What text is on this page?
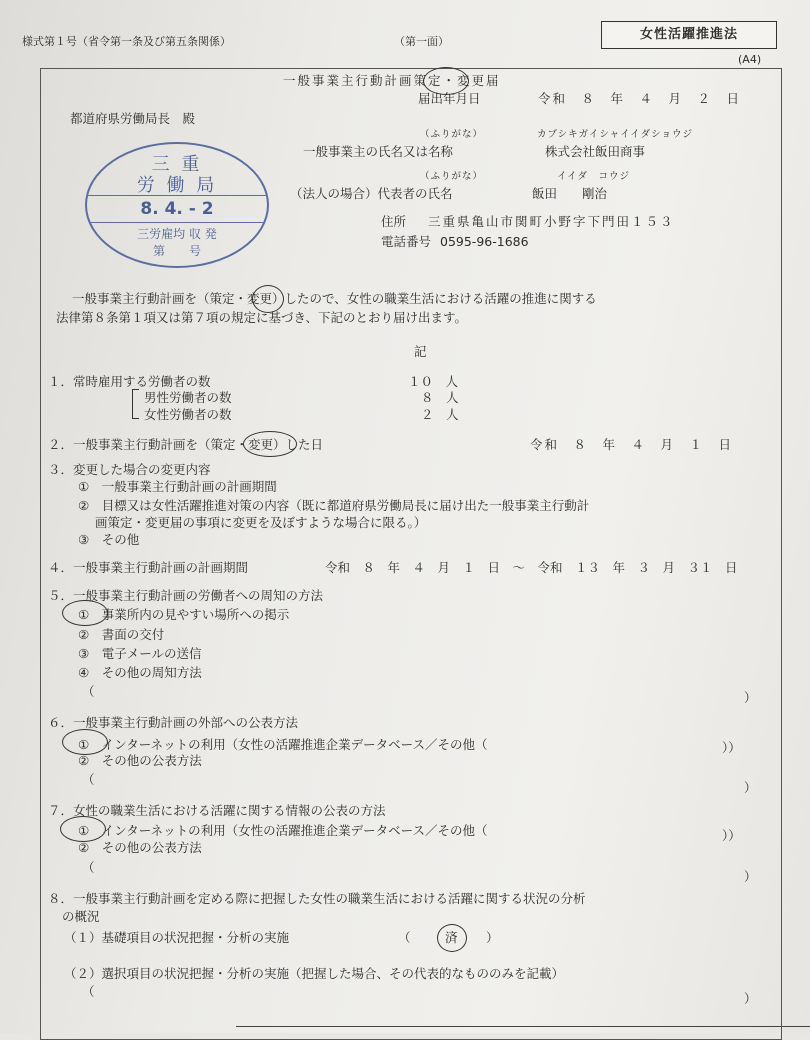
様式第１号（省令第一条及び第五条関係）	（第一面）	女性活躍推進法
(A4)
一般事業主行動計画策定・変更届
届出年月日	令和　８　年　４　月　２　日
都道府県労働局長　殿
三 重
労 働 局
8. 4. - 2
三労雇均 収 発
第　　号
（ふりがな）	カブシキガイシャイイダショウジ
一般事業主の氏名又は名称	株式会社飯田商事
（ふりがな）	イイダ　コウジ
（法人の場合）代表者の氏名	飯田　　剛治
住所 三重県亀山市関町小野字下門田１５３
電話番号 0595-96-1686
一般事業主行動計画を（策定・変更）したので、女性の職業生活における活躍の推進に関する
法律第８条第１項又は第７項の規定に基づき、下記のとおり届け出ます。
記
１．常時雇用する労働者の数	１０　人
男性労働者の数	８　人
女性労働者の数	２　人
２．一般事業主行動計画を（策定・変更）した日	令和　８　年　４　月　１　日
３．変更した場合の変更内容
①　一般事業主行動計画の計画期間
②　目標又は女性活躍推進対策の内容（既に都道府県労働局長に届け出た一般事業主行動計
画策定・変更届の事項に変更を及ぼすような場合に限る。）
③　その他
４．一般事業主行動計画の計画期間	令和　８　年　４　月　１　日　～　令和　１３　年　３　月　３１　日
５．一般事業主行動計画の労働者への周知の方法
①　事業所内の見やすい場所への掲示
②　書面の交付
③　電子メールの送信
④　その他の周知方法
（	）
６．一般事業主行動計画の外部への公表方法
①　インターネットの利用（女性の活躍推進企業データベース／その他（	））
②　その他の公表方法
（
）
７．女性の職業生活における活躍に関する情報の公表の方法
①　インターネットの利用（女性の活躍推進企業データベース／その他（	））
②　その他の公表方法
（
）
８．一般事業主行動計画を定める際に把握した女性の職業生活における活躍に関する状況の分析
の概況
（１）基礎項目の状況把握・分析の実施	（	済 ）
（２）選択項目の状況把握・分析の実施（把握した場合、その代表的なもののみを記載）
（	）
